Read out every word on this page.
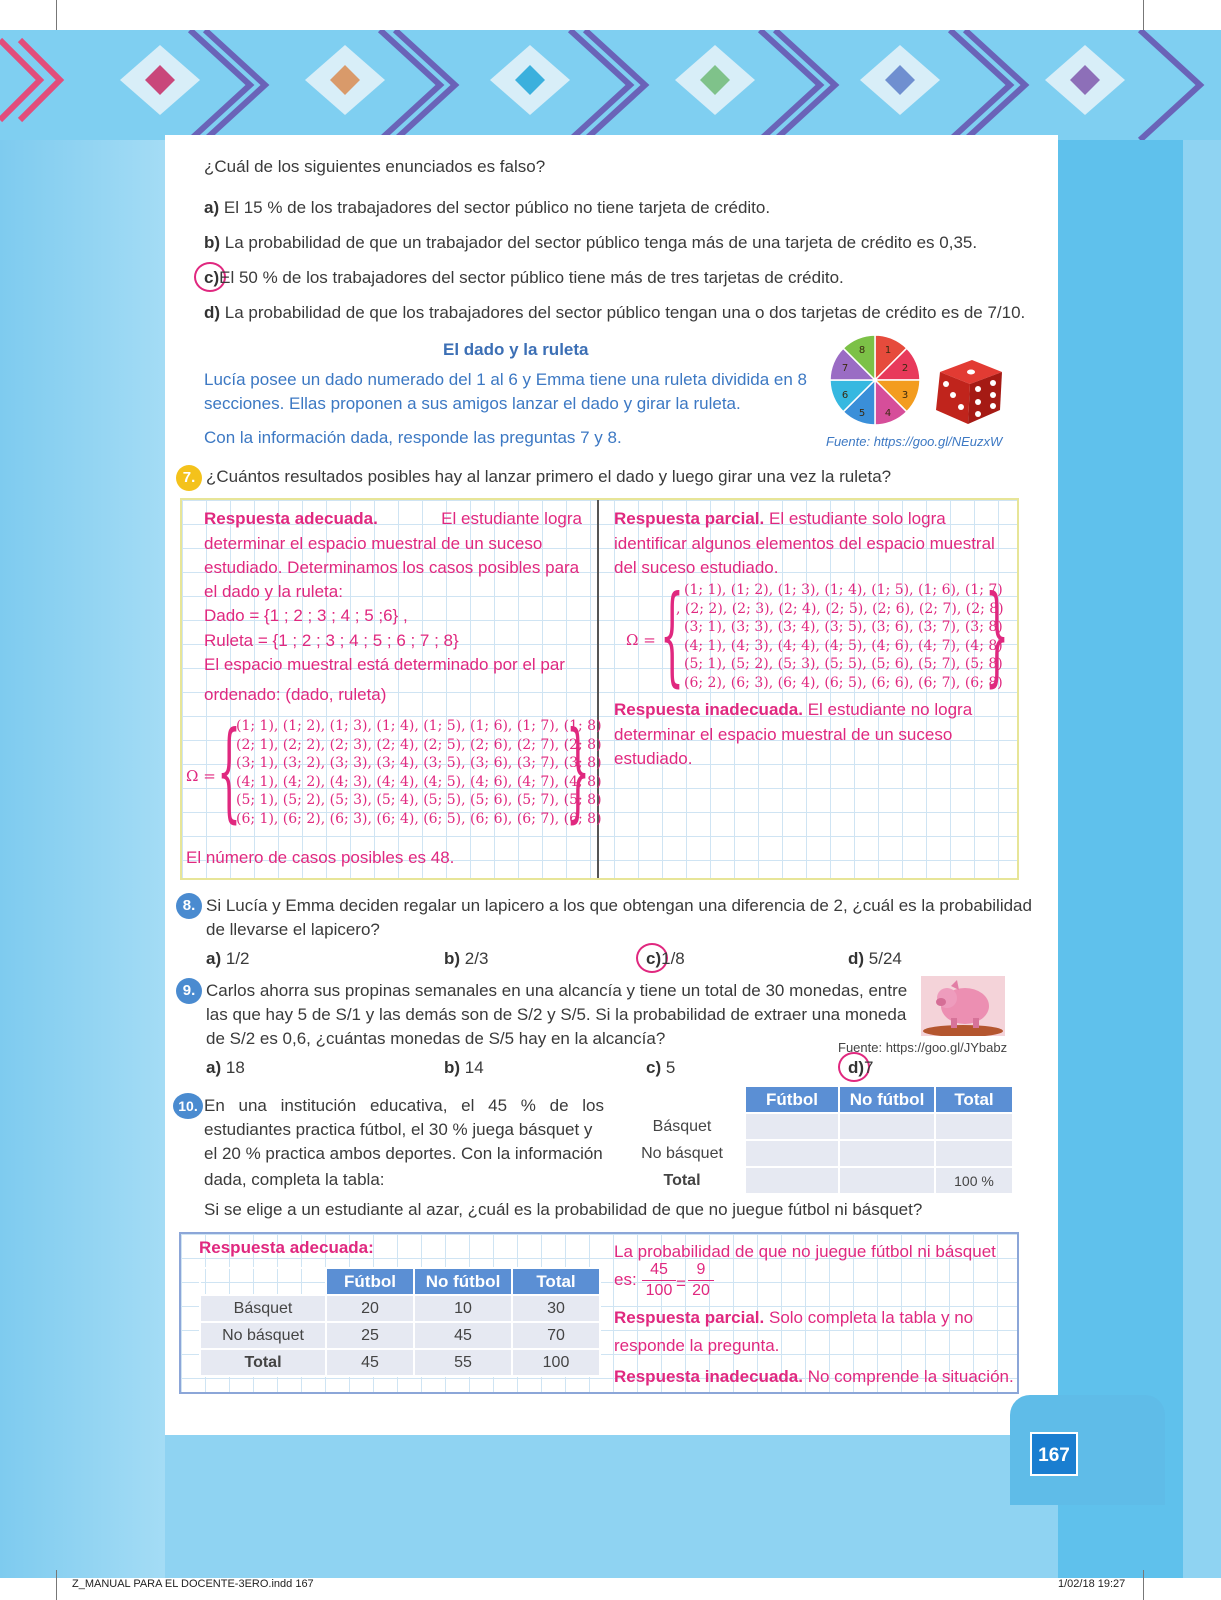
¿Cuál de los siguientes enunciados es falso?
a) El 15 % de los trabajadores del sector público no tiene tarjeta de crédito.
b) La probabilidad de que un trabajador del sector público tenga más de una tarjeta de crédito es 0,35.
c)El 50 % de los trabajadores del sector público tiene más de tres tarjetas de crédito.
d) La probabilidad de que los trabajadores del sector público tengan una o dos tarjetas de crédito es de 7/10.
El dado y la ruleta
Lucía posee un dado numerado del 1 al 6 y Emma tiene una ruleta dividida en 8
secciones. Ellas proponen a sus amigos lanzar el dado y girar la ruleta.
Con la información dada, responde las preguntas 7 y 8.	Fuente: https://goo.gl/NEuzxW
8 1
2
3
4
5
6
7
7. ¿Cuántos resultados posibles hay al lanzar primero el dado y luego girar una vez la ruleta?
Respuesta adecuada.	El estudiante logra
determinar el espacio muestral de un suceso
estudiado. Determinamos los casos posibles para
el dado y la ruleta:
Dado = {1 ; 2 ; 3 ; 4 ; 5 ;6} ,
Ruleta = {1 ; 2 ; 3 ; 4 ; 5 ; 6 ; 7 ; 8}
El espacio muestral está determinado por el par
ordenado: (dado, ruleta)
Ω = {
(1; 1), (1; 2), (1; 3), (1; 4), (1; 5), (1; 6), (1; 7), (1; 8)
(2; 1), (2; 2), (2; 3), (2; 4), (2; 5), (2; 6), (2; 7), (2; 8)
(3; 1), (3; 2), (3; 3), (3; 4), (3; 5), (3; 6), (3; 7), (3; 8)
(4; 1), (4; 2), (4; 3), (4; 4), (4; 5), (4; 6), (4; 7), (4; 8)
(5; 1), (5; 2), (5; 3), (5; 4), (5; 5), (5; 6), (5; 7), (5; 8)
(6; 1), (6; 2), (6; 3), (6; 4), (6; 5), (6; 6), (6; 7), (6; 8)
}
El número de casos posibles es 48.
Respuesta parcial. El estudiante solo logra
identificar algunos elementos del espacio muestral
del suceso estudiado.
Ω = { (1; 1), (1; 2), (1; 3), (1; 4), (1; 5), (1; 6), (1; 7)
, (2; 2), (2; 3), (2; 4), (2; 5), (2; 6), (2; 7), (2; 8)
(3; 1), (3; 3), (3; 4), (3; 5), (3; 6), (3; 7), (3; 8)
(4; 1), (4; 3), (4; 4), (4; 5), (4; 6), (4; 7), (4; 8)
(5; 1), (5; 2), (5; 3), (5; 5), (5; 6), (5; 7), (5; 8)
(6; 2), (6; 3), (6; 4), (6; 5), (6; 6), (6; 7), (6; 8)
}
Respuesta inadecuada. El estudiante no logra
determinar el espacio muestral de un suceso
estudiado.
8. Si Lucía y Emma deciden regalar un lapicero a los que obtengan una diferencia de 2, ¿cuál es la probabilidad
de llevarse el lapicero?
a) 1/2	b) 2/3	c)1/8	d) 5/24
9. Carlos ahorra sus propinas semanales en una alcancía y tiene un total de 30 monedas, entre
las que hay 5 de S/1 y las demás son de S/2 y S/5. Si la probabilidad de extraer una moneda
de S/2 es 0,6, ¿cuántas monedas de S/5 hay en la alcancía?	Fuente: https://goo.gl/JYbabz
a) 18	b) 14	c) 5	d)7
10. En una institución educativa, el 45 % de los
estudiantes practica fútbol, el 30 % juega básquet y
el 20 % practica ambos deportes. Con la información
dada, completa la tabla:
Si se elige a un estudiante al azar, ¿cuál es la probabilidad de que no juegue fútbol ni básquet?
	Fútbol	No fútbol	Total
Básquet			
No básquet			
Total			100 %
Respuesta adecuada:
	Fútbol	No fútbol	Total
Básquet	20	10	30
No básquet	25	45	70
Total	45	55	100
La probabilidad de que no juegue fútbol ni básquet
es: $\frac{45}{100} = \frac{9}{20}$
Respuesta parcial. Solo completa la tabla y no
responde la pregunta.
Respuesta inadecuada. No comprende la situación.
167
Z_MANUAL PARA EL DOCENTE-3ERO.indd 167	1/02/18 19:27
